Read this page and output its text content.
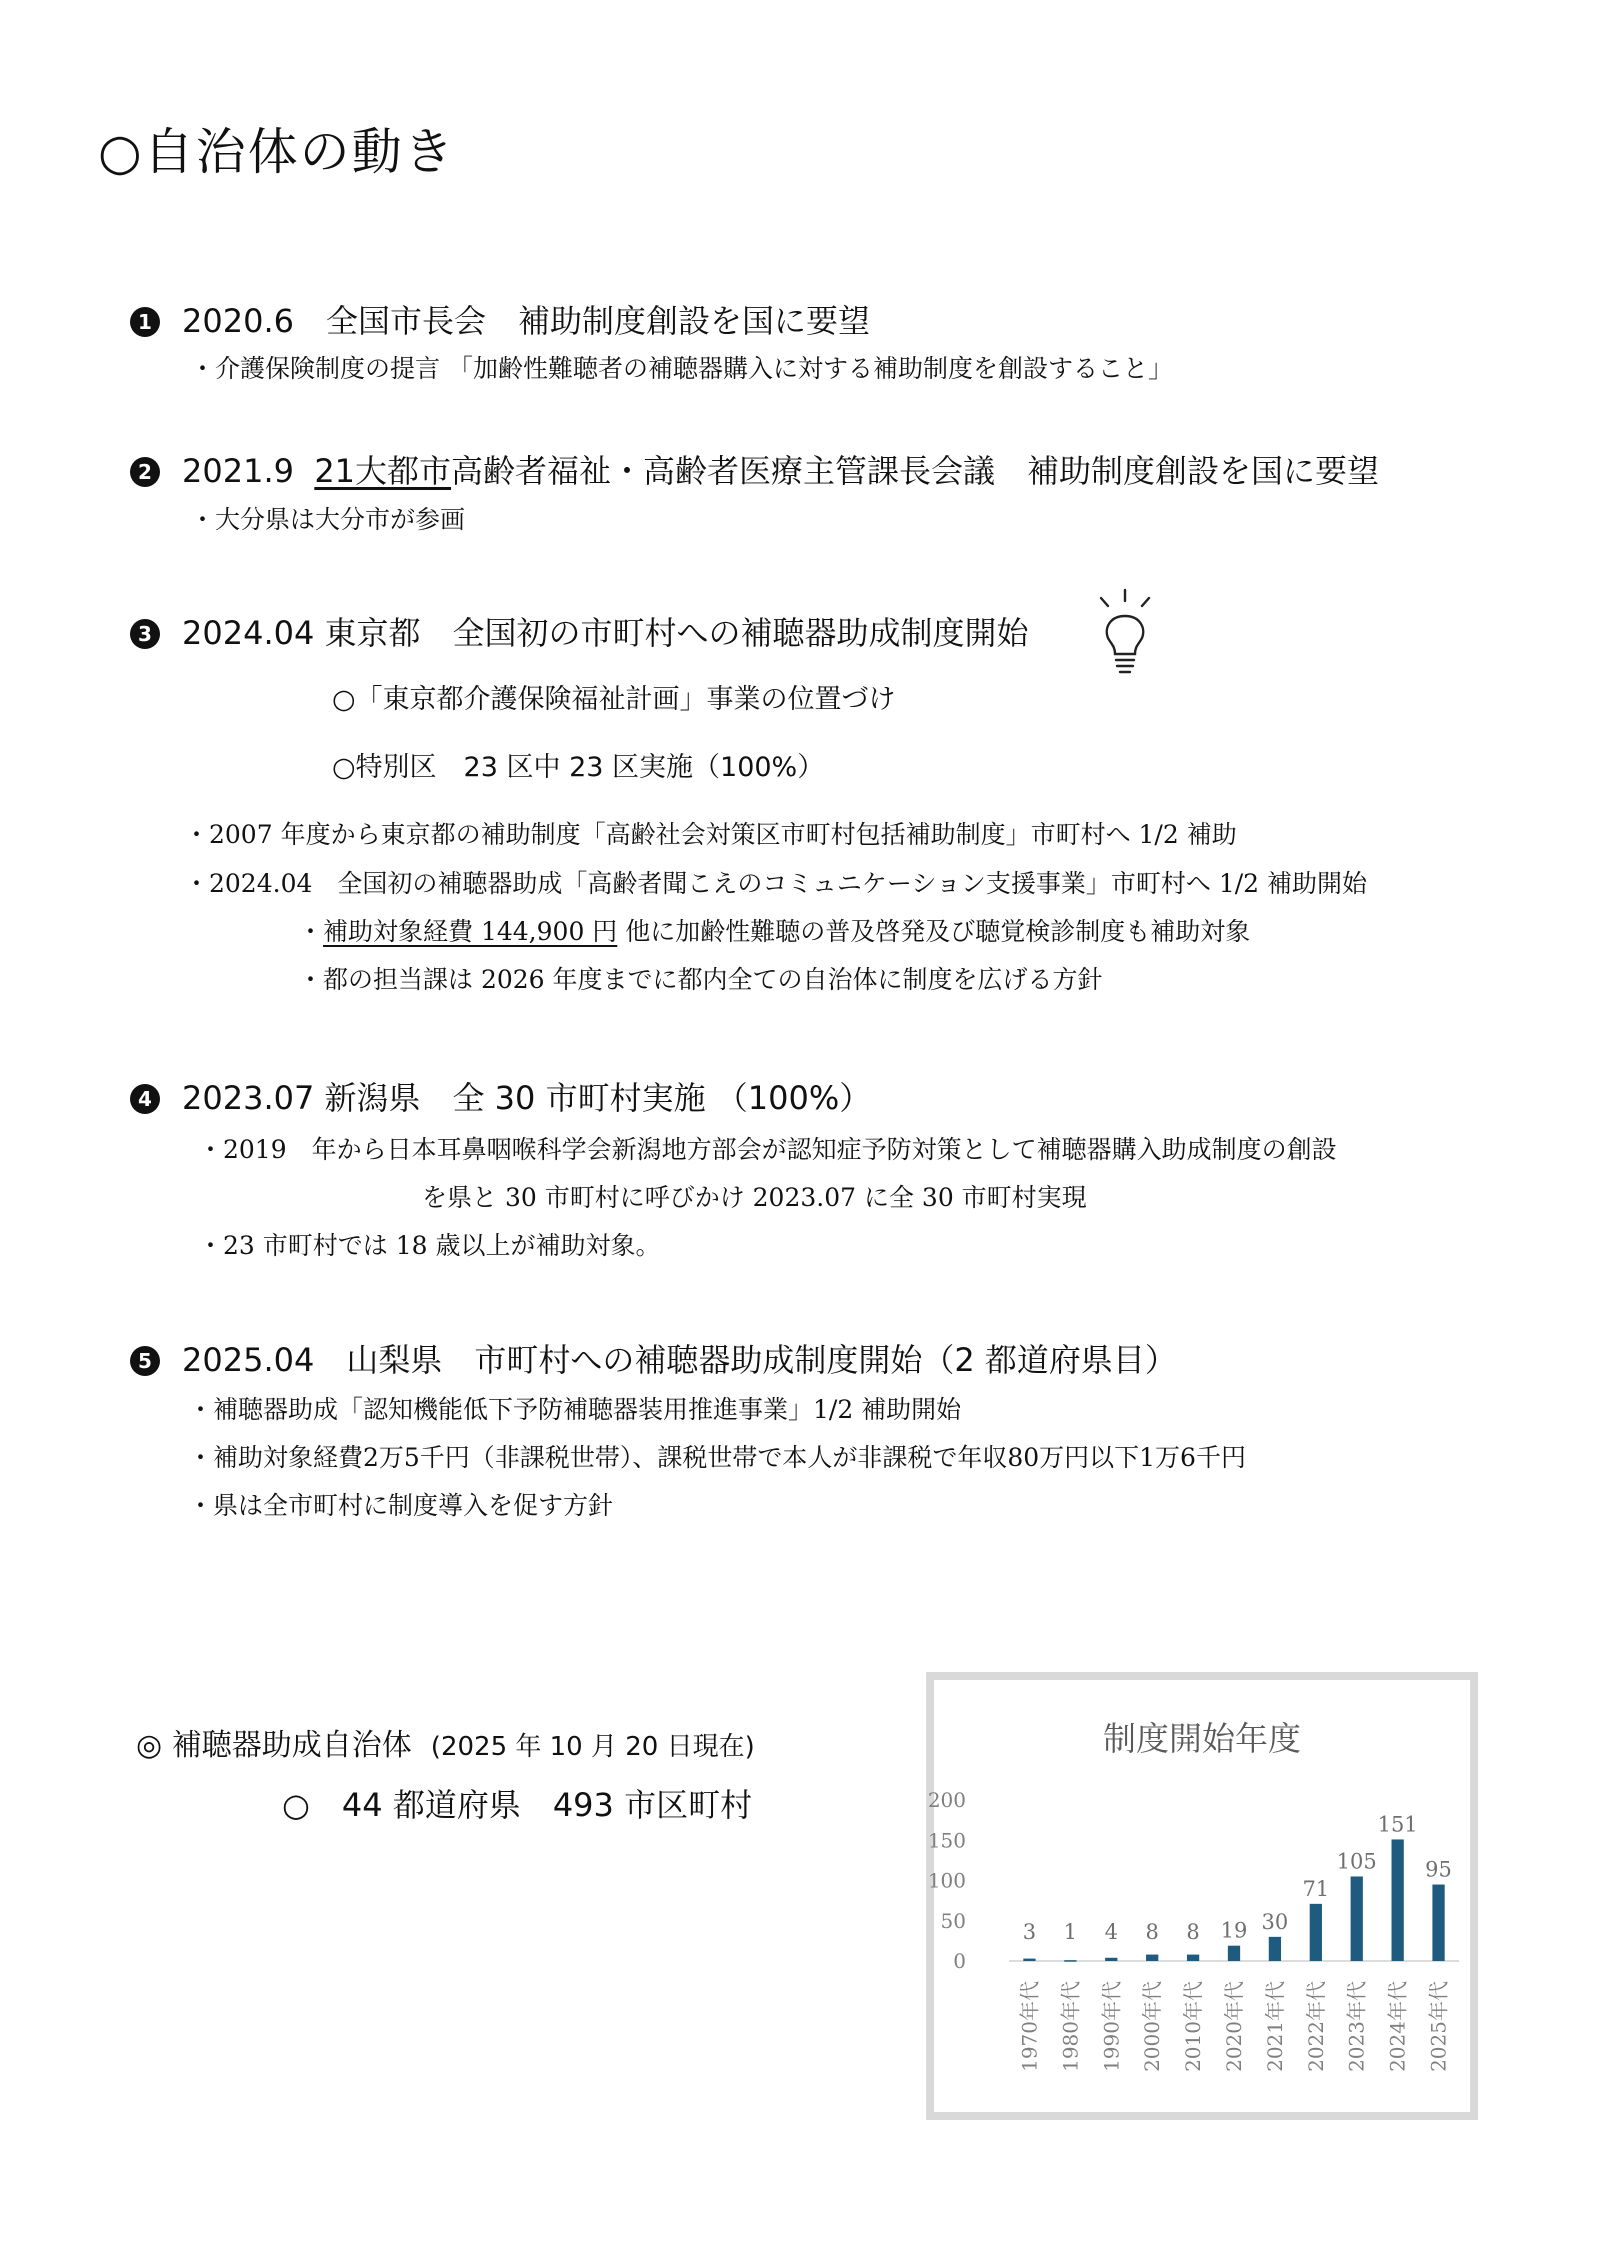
○自治体の動き
1 2020.6　全国市長会　補助制度創設を国に要望
・介護保険制度の提言 「加齢性難聴者の補聴器購入に対する補助制度を創設すること」
2 2021.9 21大都市高齢者福祉・高齢者医療主管課長会議　補助制度創設を国に要望
・大分県は大分市が参画
3 2024.04 東京都　全国初の市町村への補聴器助成制度開始
○「東京都介護保険福祉計画」事業の位置づけ
○特別区　23 区中 23 区実施（100%）
・2007 年度から東京都の補助制度「高齢社会対策区市町村包括補助制度」市町村へ 1/2 補助
・2024.04　全国初の補聴器助成「高齢者聞こえのコミュニケーション支援事業」市町村へ 1/2 補助開始
・補助対象経費 144,900 円 他に加齢性難聴の普及啓発及び聴覚検診制度も補助対象
・都の担当課は 2026 年度までに都内全ての自治体に制度を広げる方針
4 2023.07 新潟県　全 30 市町村実施 （100%）
・2019　年から日本耳鼻咽喉科学会新潟地方部会が認知症予防対策として補聴器購入助成制度の創設
を県と 30 市町村に呼びかけ 2023.07 に全 30 市町村実現
・23 市町村では 18 歳以上が補助対象。
5 2025.04　山梨県　市町村への補聴器助成制度開始（2 都道府県目）
・補聴器助成「認知機能低下予防補聴器装用推進事業」1/2 補助開始
・補助対象経費2万5千円（非課税世帯）、課税世帯で本人が非課税で年収80万円以下1万6千円
・県は全市町村に制度導入を促す方針
◎ 補聴器助成自治体 (2025 年 10 月 20 日現在)
○　44 都道府県　493 市区町村
制度開始年度
200
150
100
50
0
3
1970年代
1
1980年代
4
1990年代
8
2000年代
8
2010年代
19
2020年代
30
2021年代
71
2022年代
105
2023年代
151
2024年代
95
2025年代
